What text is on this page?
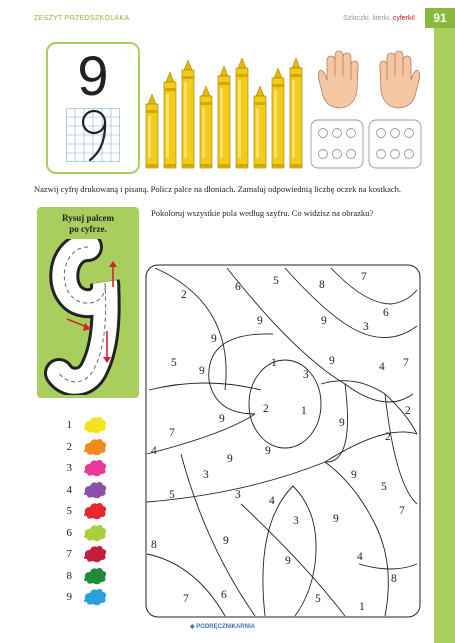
ZESZYT PRZEDSZKOLAKA	Szlaczki, literki, cyferki!	91
9
Nazwij cyfrę drukowaną i pisaną. Policz palce na dłoniach. Zamaluj odpowiednią liczbę oczek na kostkach.
Pokoloruj wszystkie pola według szyfru. Co widzisz na obrazku?
Rysuj palcem
po cyfrze.
1
2
3
4
5
6
7
8
9
2
6	5	8
7
6
9	9	3
9
5	1	9	4 7
9	3
2	1
9
2
9
7	2
4
9
9
3	9
5
5
3 4
7
3	9
8	9
9	4
8
7	6	5
1
◆ PODRĘCZNIKARNIA
